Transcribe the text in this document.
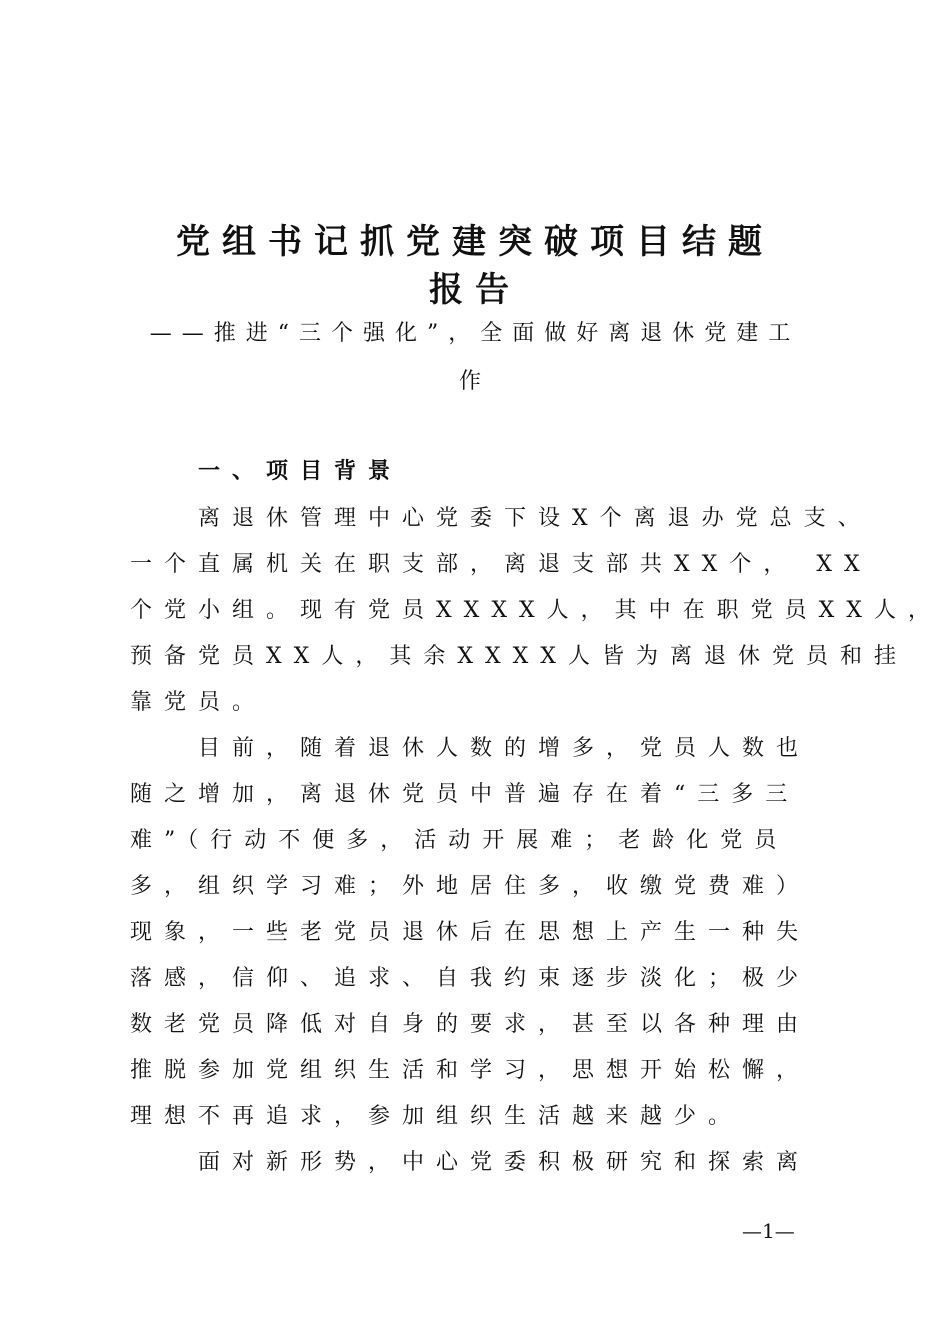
党组书记抓党建突破项目结题
报告
——推进“三个强化”，全面做好离退休党建工
作
一、项目背景
离退休管理中心党委下设X个离退办党总支、
一个直属机关在职支部，离退支部共XX个， XX
个党小组。现有党员XXXX人，其中在职党员XX人，
预备党员XX人，其余XXXX人皆为离退休党员和挂
靠党员。
目前，随着退休人数的增多，党员人数也
随之增加，离退休党员中普遍存在着“三多三
难”（行动不便多，活动开展难；老龄化党员
多，组织学习难；外地居住多，收缴党费难）
现象，一些老党员退休后在思想上产生一种失
落感，信仰、追求、自我约束逐步淡化；极少
数老党员降低对自身的要求，甚至以各种理由
推脱参加党组织生活和学习，思想开始松懈，
理想不再追求，参加组织生活越来越少。
面对新形势，中心党委积极研究和探索离
—1—
